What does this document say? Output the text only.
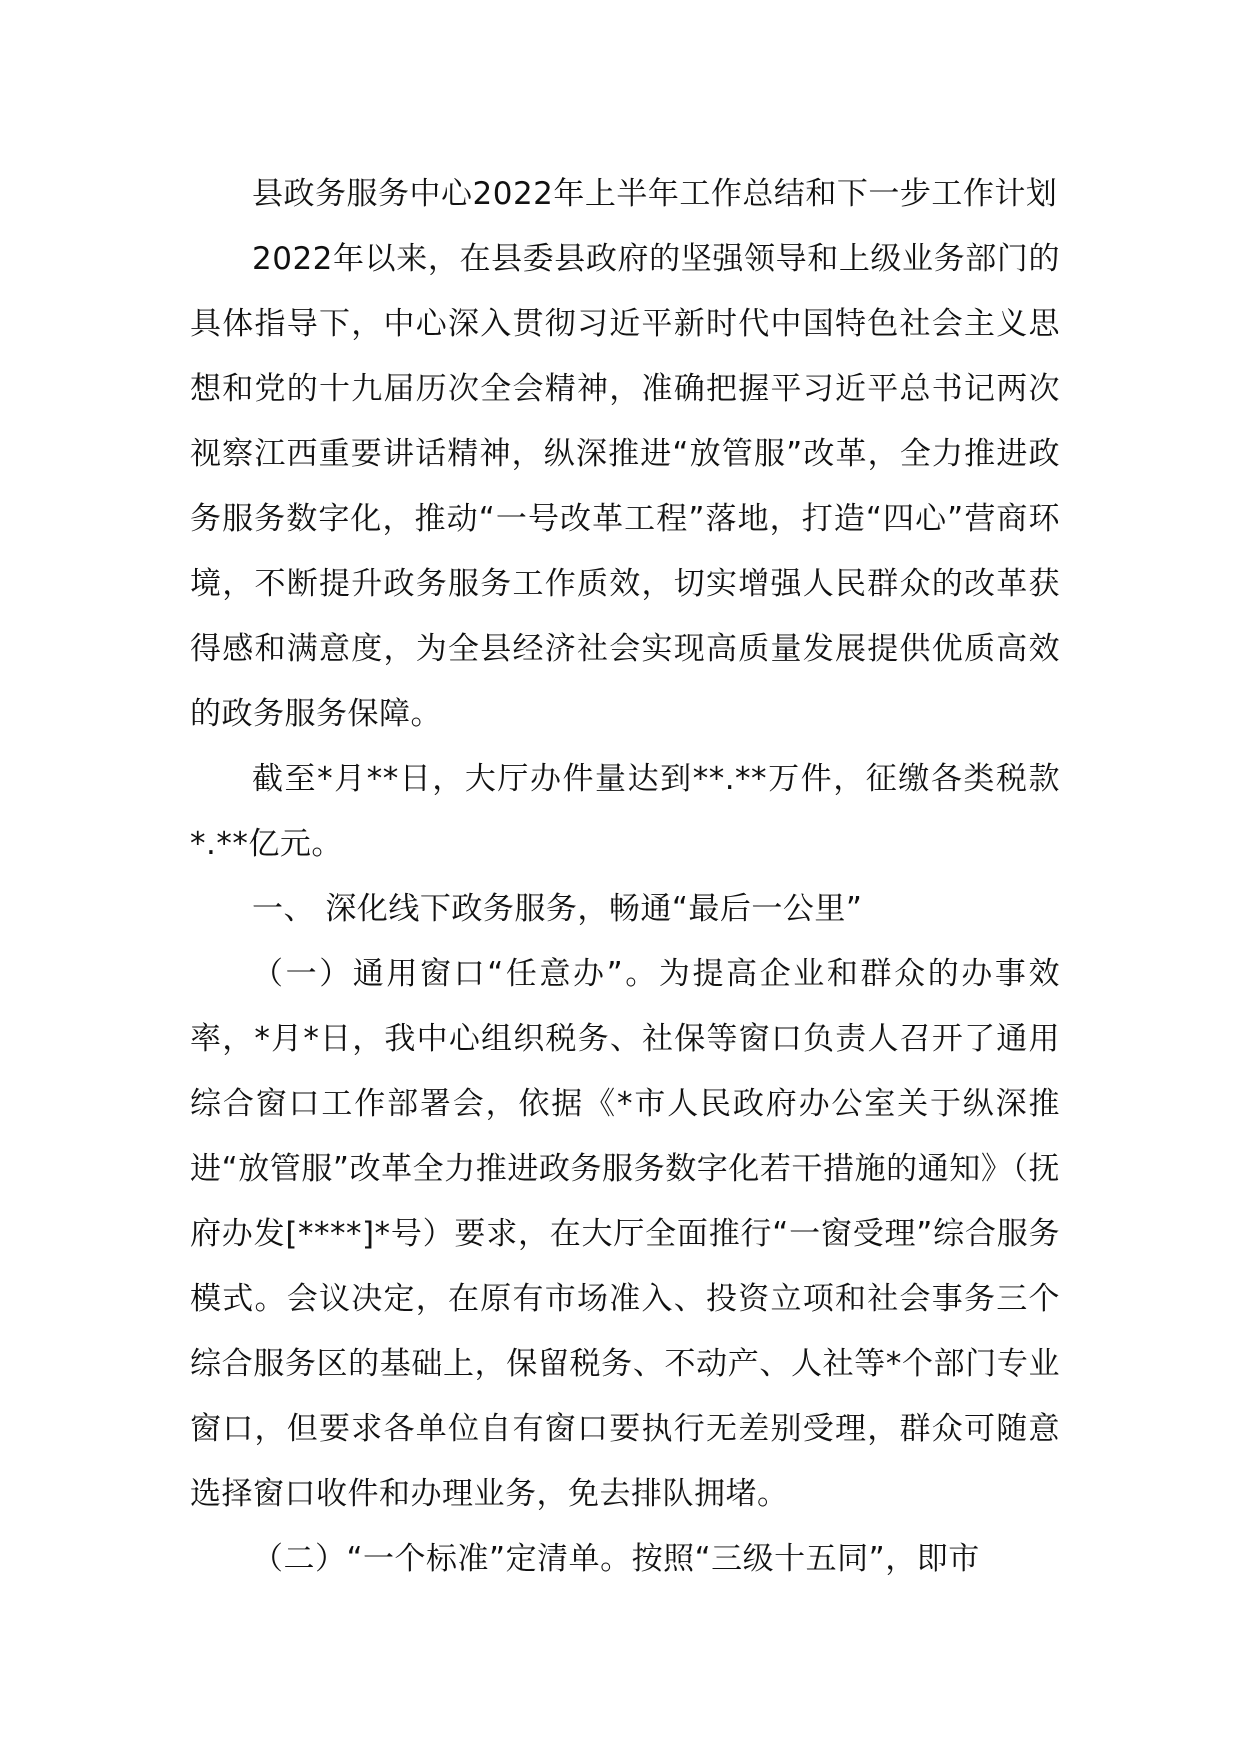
县政务服务中心2022年上半年工作总结和下一步工作计划

2022年以来，在县委县政府的坚强领导和上级业务部门的具体指导下，中心深入贯彻习近平新时代中国特色社会主义思想和党的十九届历次全会精神，准确把握平习近平总书记两次视察江西重要讲话精神，纵深推进“放管服”改革，全力推进政务服务数字化，推动“一号改革工程”落地，打造“四心”营商环境，不断提升政务服务工作质效，切实增强人民群众的改革获得感和满意度，为全县经济社会实现高质量发展提供优质高效的政务服务保障。

截至*月**日，大厅办件量达到**.**万件，征缴各类税款*.**亿元。

一、 深化线下政务服务，畅通“最后一公里”

（一）通用窗口“任意办”。为提高企业和群众的办事效率，*月*日，我中心组织税务、社保等窗口负责人召开了通用综合窗口工作部署会，依据《*市人民政府办公室关于纵深推进“放管服”改革全力推进政务服务数字化若干措施的通知》（抚府办发[****]*号）要求，在大厅全面推行“一窗受理”综合服务模式。会议决定，在原有市场准入、投资立项和社会事务三个综合服务区的基础上，保留税务、不动产、人社等*个部门专业窗口，但要求各单位自有窗口要执行无差别受理，群众可随意选择窗口收件和办理业务，免去排队拥堵。

（二）“一个标准”定清单。按照“三级十五同”，即市
